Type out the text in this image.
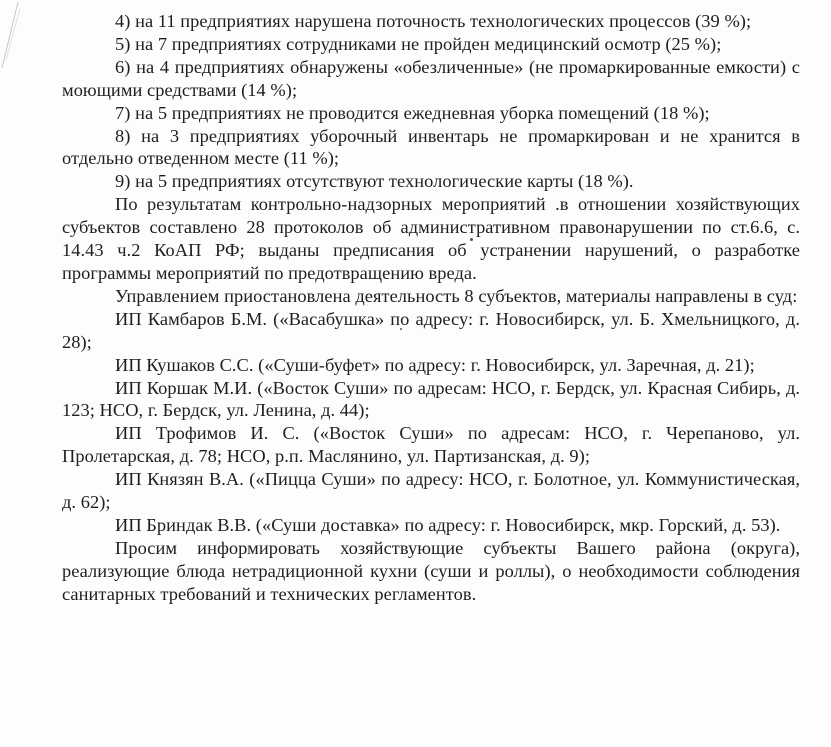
4) на 11 предприятиях нарушена поточность технологических процессов (39 %);

5) на 7 предприятиях сотрудниками не пройден медицинский осмотр (25 %);

6) на 4 предприятиях обнаружены «обезличенные» (не промаркированные емкости) с моющими средствами (14 %);

7) на 5 предприятиях не проводится ежедневная уборка помещений (18 %);

8) на 3 предприятиях уборочный инвентарь не промаркирован и не хранится в отдельно отведенном месте (11 %);

9) на 5 предприятиях отсутствуют технологические карты (18 %).

По результатам контрольно-надзорных мероприятий .в отношении хозяйствующих субъектов составлено 28 протоколов об административном правонарушении по ст.6.6, с. 14.43 ч.2 КоАП РФ; выданы предписания об устранении нарушений, о разработке программы мероприятий по предотвращению вреда.

Управлением приостановлена деятельность 8 субъектов, материалы направлены в суд:

ИП Камбаров Б.М. («Васабушка» по адресу: г. Новосибирск, ул. Б. Хмельницкого, д. 28);

ИП Кушаков С.С. («Суши-буфет» по адресу: г. Новосибирск, ул. Заречная, д. 21);

ИП Коршак М.И. («Восток Суши» по адресам: НСО, г. Бердск, ул. Красная Сибирь, д. 123; НСО, г. Бердск, ул. Ленина, д. 44);

ИП Трофимов И. С. («Восток Суши» по адресам: НСО, г. Черепаново, ул. Пролетарская, д. 78; НСО, р.п. Маслянино, ул. Партизанская, д. 9);

ИП Князян В.А. («Пицца Суши» по адресу: НСО, г. Болотное, ул. Коммунистическая, д. 62);

ИП Бриндак В.В. («Суши доставка» по адресу: г. Новосибирск, мкр. Горский, д. 53).

Просим информировать хозяйствующие субъекты Вашего района (округа), реализующие блюда нетрадиционной кухни (суши и роллы), о необходимости соблюдения санитарных требований и технических регламентов.
